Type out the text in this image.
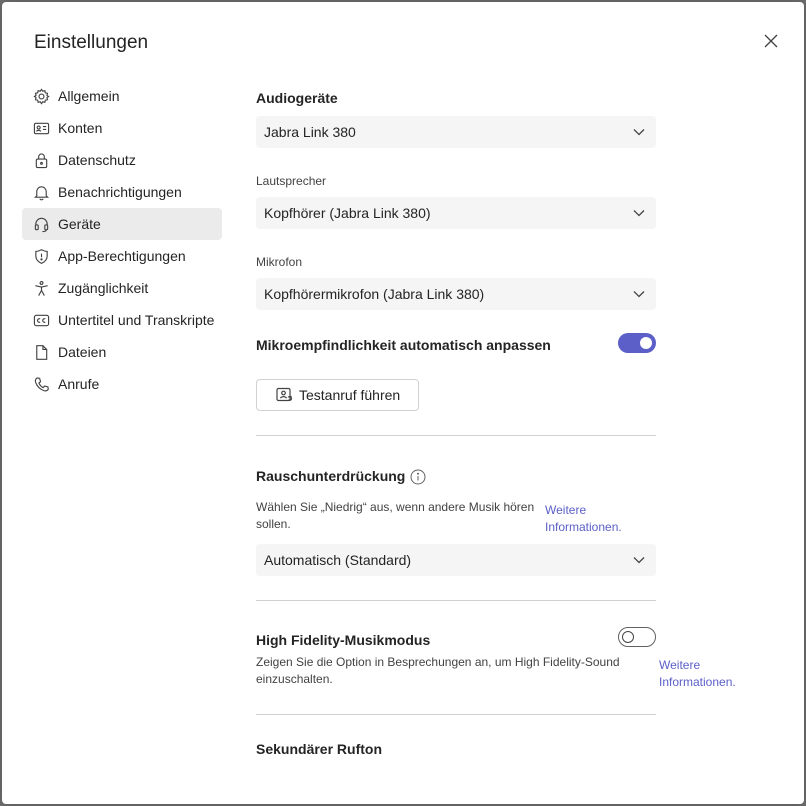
Einstellungen
Allgemein
Konten
Datenschutz
Benachrichtigungen
Geräte
App-Berechtigungen
Zugänglichkeit
Untertitel und Transkripte
Dateien
Anrufe
Audiogeräte
Jabra Link 380
Lautsprecher
Kopfhörer (Jabra Link 380)
Mikrofon
Kopfhörermikrofon (Jabra Link 380)
Mikroempfindlichkeit automatisch anpassen
Testanruf führen
Rauschunterdrückung
Wählen Sie „Niedrig“ aus, wenn andere Musik hören sollen.
Weitere Informationen.
Automatisch (Standard)
High Fidelity-Musikmodus
Zeigen Sie die Option in Besprechungen an, um High Fidelity-Sound einzuschalten.
Weitere Informationen.
Sekundärer Rufton
